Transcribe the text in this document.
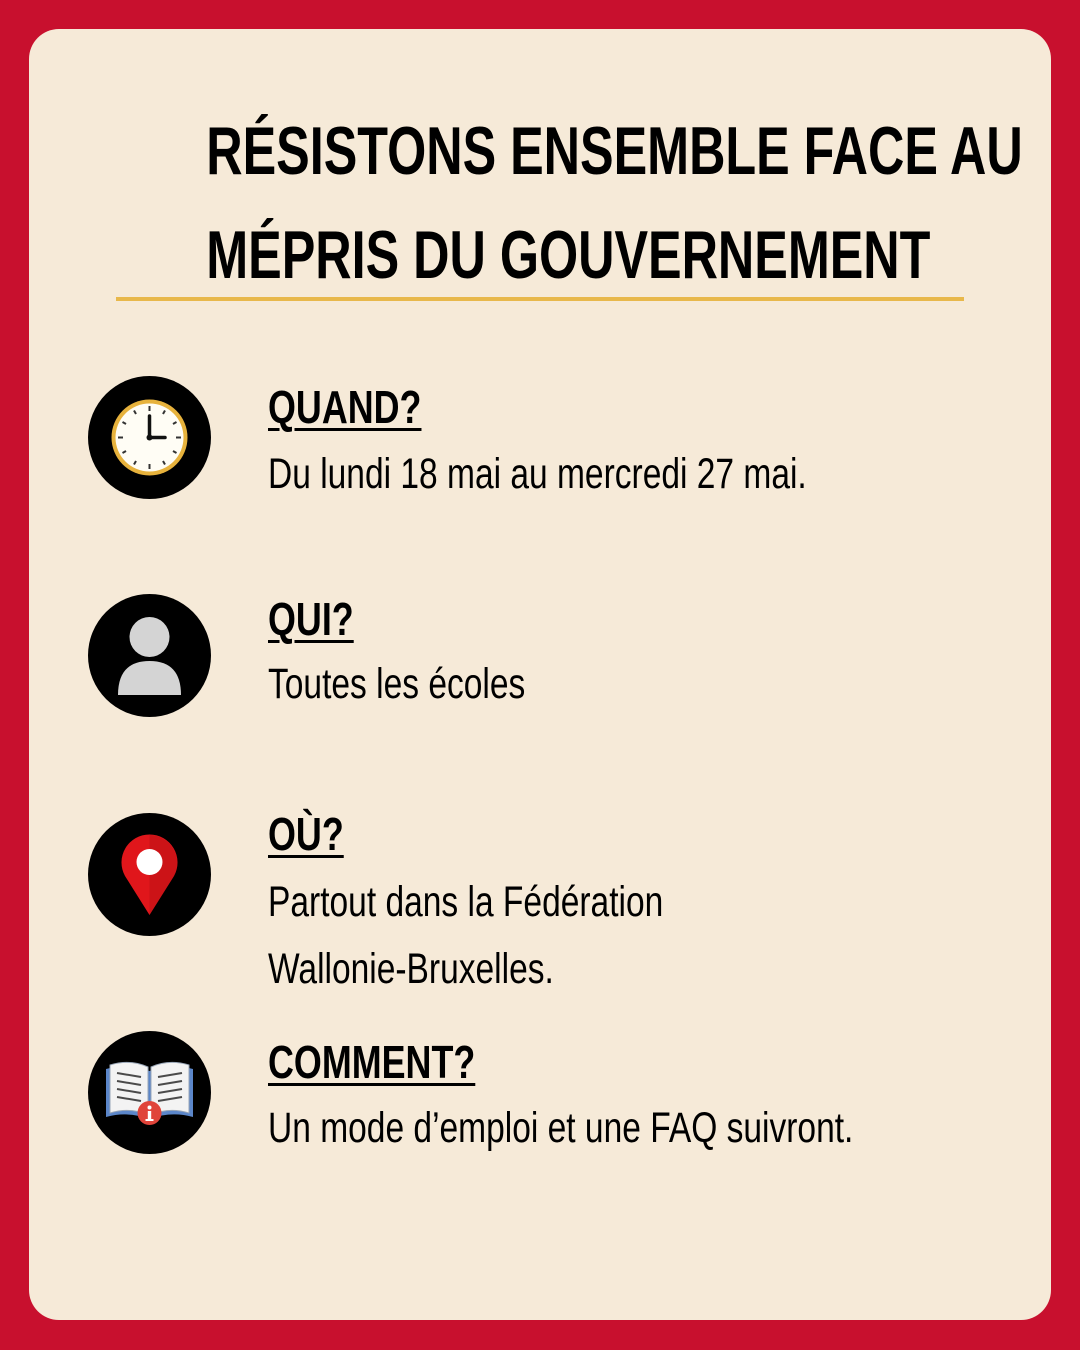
RÉSISTONS ENSEMBLE FACE AU
MÉPRIS DU GOUVERNEMENT

QUAND?

Du lundi 18 mai au mercredi 27 mai.

QUI?

Toutes les écoles

OÙ?

Partout dans la Fédération

Wallonie-Bruxelles.

COMMENT?

Un mode d’emploi et une FAQ suivront.
